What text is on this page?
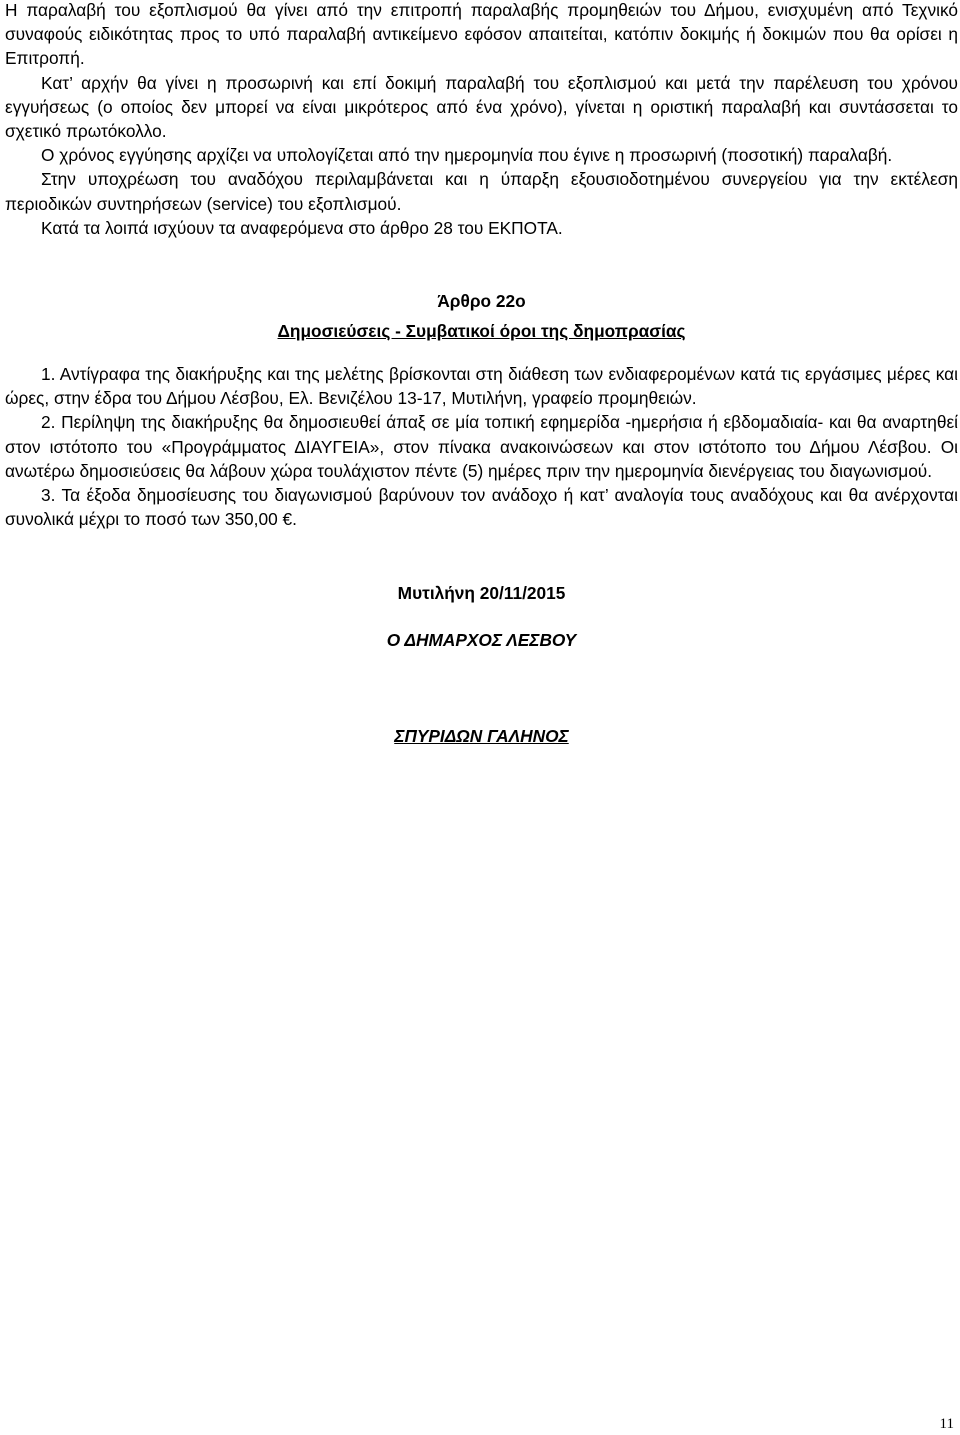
Η παραλαβή του εξοπλισμού θα γίνει από την επιτροπή παραλαβής προμηθειών του Δήμου, ενισχυμένη από Τεχνικό συναφούς ειδικότητας προς το υπό παραλαβή αντικείμενο εφόσον απαιτείται, κατόπιν δοκιμής ή δοκιμών που θα ορίσει η Επιτροπή.

Κατ’ αρχήν θα γίνει η προσωρινή και επί δοκιμή παραλαβή του εξοπλισμού και μετά την παρέλευση του χρόνου εγγυήσεως (ο οποίος δεν μπορεί να είναι μικρότερος από ένα χρόνο), γίνεται η οριστική παραλαβή και συντάσσεται το σχετικό πρωτόκολλο.

Ο χρόνος εγγύησης αρχίζει να υπολογίζεται από την ημερομηνία που έγινε η προσωρινή (ποσοτική) παραλαβή.

Στην υποχρέωση του αναδόχου περιλαμβάνεται και η ύπαρξη εξουσιοδοτημένου συνεργείου για την εκτέλεση περιοδικών συντηρήσεων (service) του εξοπλισμού.

Κατά τα λοιπά ισχύουν τα αναφερόμενα στο άρθρο 28 του ΕΚΠΟΤΑ.

Άρθρο 22ο
Δημοσιεύσεις - Συμβατικοί όροι της δημοπρασίας

1. Αντίγραφα της διακήρυξης και της μελέτης βρίσκονται στη διάθεση των ενδιαφερομένων κατά τις εργάσιμες μέρες και ώρες, στην έδρα του Δήμου Λέσβου, Ελ. Βενιζέλου 13-17, Μυτιλήνη, γραφείο προμηθειών.

2. Περίληψη της διακήρυξης θα δημοσιευθεί άπαξ σε μία τοπική εφημερίδα -ημερήσια ή εβδομαδιαία- και θα αναρτηθεί στον ιστότοπο του «Προγράμματος ΔΙΑΥΓΕΙΑ», στον πίνακα ανακοινώσεων και στον ιστότοπο του Δήμου Λέσβου. Οι ανωτέρω δημοσιεύσεις θα λάβουν χώρα τουλάχιστον πέντε (5) ημέρες πριν την ημερομηνία διενέργειας του διαγωνισμού.

3. Τα έξοδα δημοσίευσης του διαγωνισμού βαρύνουν τον ανάδοχο ή κατ’ αναλογία τους αναδόχους και θα ανέρχονται συνολικά μέχρι το ποσό των 350,00 €.

Μυτιλήνη 20/11/2015
Ο ΔΗΜΑΡΧΟΣ ΛΕΣΒΟΥ
ΣΠΥΡΙΔΩΝ ΓΑΛΗΝΟΣ
11
